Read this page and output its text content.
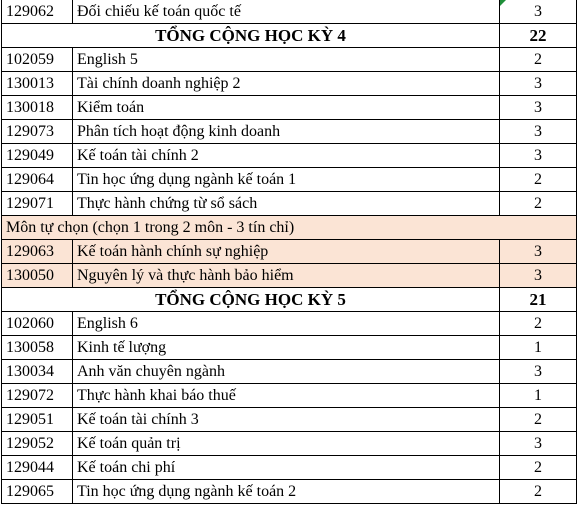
129062	Đối chiếu kế toán quốc tế	3
TỔNG CỘNG HỌC KỲ 4		22
102059	English 5	2
130013	Tài chính doanh nghiệp 2	3
130018	Kiểm toán	3
129073	Phân tích hoạt động kinh doanh	3
129049	Kế toán tài chính 2	3
129064	Tin học ứng dụng ngành kế toán 1	2
129071	Thực hành chứng từ sổ sách	2
Môn tự chọn (chọn 1 trong 2 môn - 3 tín chỉ)		
129063	Kế toán hành chính sự nghiệp	3
130050	Nguyên lý và thực hành bảo hiểm	3
TỔNG CỘNG HỌC KỲ 5		21
102060	English 6	2
130058	Kinh tế lượng	1
130034	Anh văn chuyên ngành	3
129072	Thực hành khai báo thuế	1
129051	Kế toán tài chính 3	2
129052	Kế toán quản trị	3
129044	Kế toán chi phí	2
129065	Tin học ứng dụng ngành kế toán 2	2
